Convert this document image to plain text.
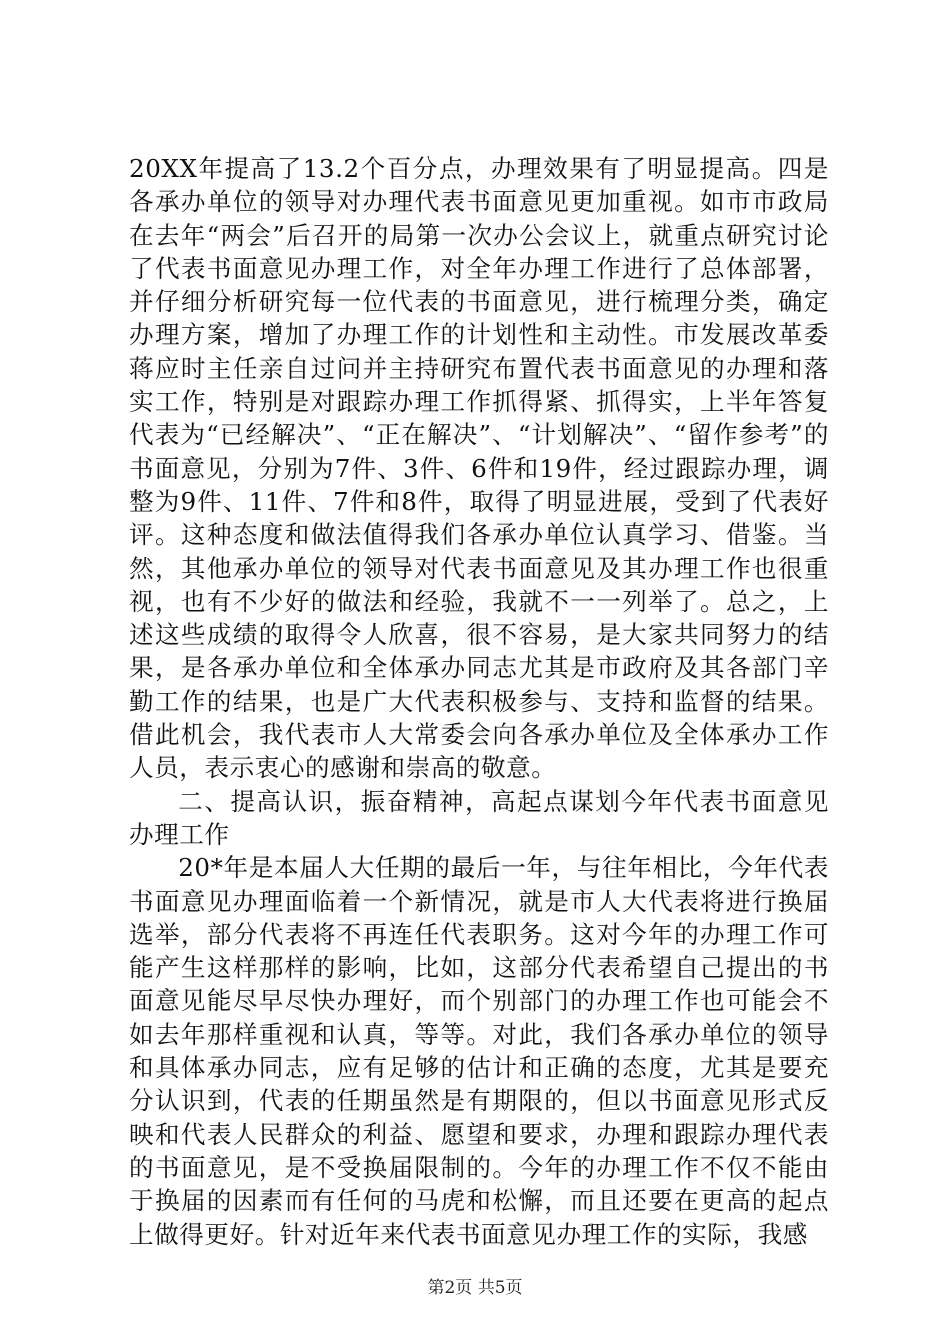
20XX年提高了13.2个百分点，办理效果有了明显提高。四是各承办单位的领导对办理代表书面意见更加重视。如市市政局在去年“两会”后召开的局第一次办公会议上，就重点研究讨论了代表书面意见办理工作，对全年办理工作进行了总体部署，并仔细分析研究每一位代表的书面意见，进行梳理分类，确定办理方案，增加了办理工作的计划性和主动性。市发展改革委蒋应时主任亲自过问并主持研究布置代表书面意见的办理和落实工作，特别是对跟踪办理工作抓得紧、抓得实，上半年答复代表为“已经解决”、“正在解决”、“计划解决”、“留作参考”的书面意见，分别为7件、3件、6件和19件，经过跟踪办理，调整为9件、11件、7件和8件，取得了明显进展，受到了代表好评。这种态度和做法值得我们各承办单位认真学习、借鉴。当然，其他承办单位的领导对代表书面意见及其办理工作也很重视，也有不少好的做法和经验，我就不一一列举了。总之，上述这些成绩的取得令人欣喜，很不容易，是大家共同努力的结果，是各承办单位和全体承办同志尤其是市政府及其各部门辛勤工作的结果，也是广大代表积极参与、支持和监督的结果。借此机会，我代表市人大常委会向各承办单位及全体承办工作人员，表示衷心的感谢和崇高的敬意。

二、提高认识，振奋精神，高起点谋划今年代表书面意见办理工作

20*年是本届人大任期的最后一年，与往年相比，今年代表书面意见办理面临着一个新情况，就是市人大代表将进行换届选举，部分代表将不再连任代表职务。这对今年的办理工作可能产生这样那样的影响，比如，这部分代表希望自己提出的书面意见能尽早尽快办理好，而个别部门的办理工作也可能会不如去年那样重视和认真，等等。对此，我们各承办单位的领导和具体承办同志，应有足够的估计和正确的态度，尤其是要充分认识到，代表的任期虽然是有期限的，但以书面意见形式反映和代表人民群众的利益、愿望和要求，办理和跟踪办理代表的书面意见，是不受换届限制的。今年的办理工作不仅不能由于换届的因素而有任何的马虎和松懈，而且还要在更高的起点上做得更好。针对近年来代表书面意见办理工作的实际，我感

第2页 共5页
